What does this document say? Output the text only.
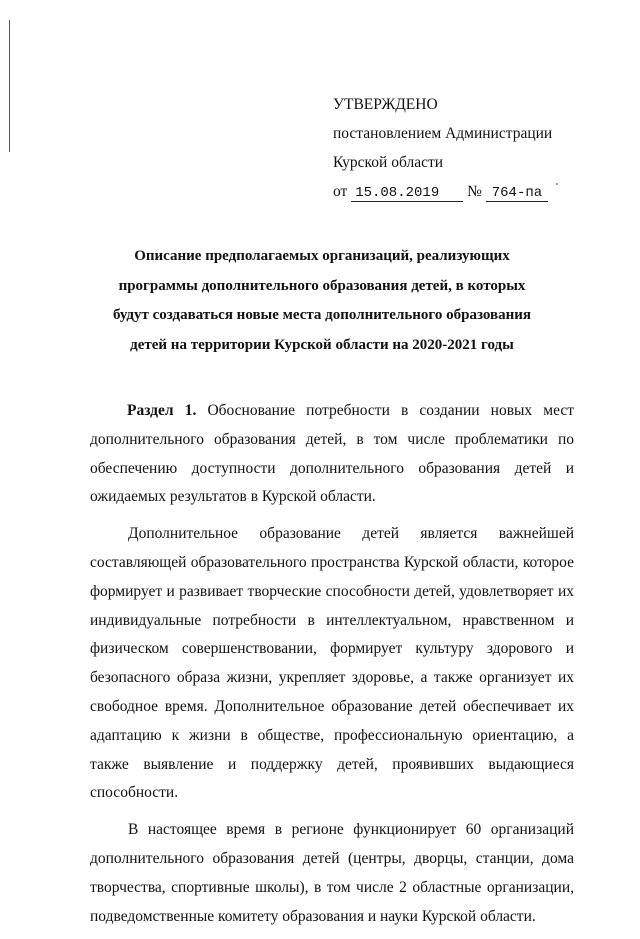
УТВЕРЖДЕНО
постановлением Администрации
Курской области
от 15.08.2019 № 764-па
Описание предполагаемых организаций, реализующих программы дополнительного образования детей, в которых будут создаваться новые места дополнительного образования детей на территории Курской области на 2020-2021 годы

Раздел 1. Обоснование потребности в создании новых мест дополнительного образования детей, в том числе проблематики по обеспечению доступности дополнительного образования детей и ожидаемых результатов в Курской области.

Дополнительное образование детей является важнейшей составляющей образовательного пространства Курской области, которое формирует и развивает творческие способности детей, удовлетворяет их индивидуальные потребности в интеллектуальном, нравственном и физическом совершенствовании, формирует культуру здорового и безопасного образа жизни, укрепляет здоровье, а также организует их свободное время. Дополнительное образование детей обеспечивает их адаптацию к жизни в обществе, профессиональную ориентацию, а также выявление и поддержку детей, проявивших выдающиеся способности.

В настоящее время в регионе функционирует 60 организаций дополнительного образования детей (центры, дворцы, станции, дома творчества, спортивные школы), в том числе 2 областные организации, подведомственные комитету образования и науки Курской области.
